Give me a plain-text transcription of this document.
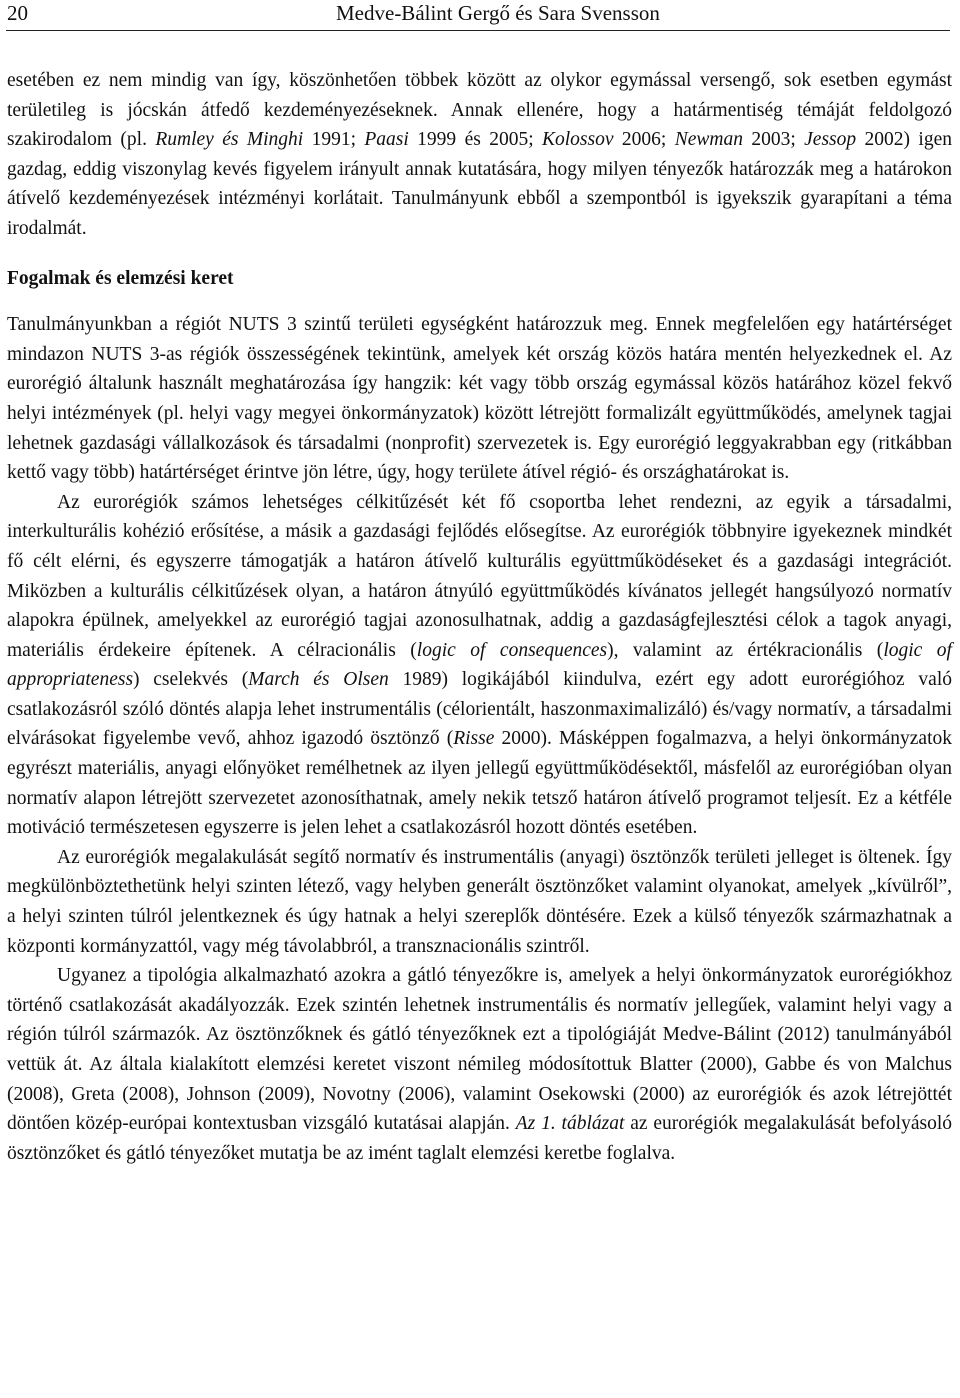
20	Medve-Bálint Gergő és Sara Svensson

esetében ez nem mindig van így, köszönhetően többek között az olykor egymással versengő, sok esetben egymást területileg is jócskán átfedő kezdeményezéseknek. Annak ellenére, hogy a határmentiség témáját feldolgozó szakirodalom (pl. Rumley és Minghi 1991; Paasi 1999 és 2005; Kolossov 2006; Newman 2003; Jessop 2002) igen gazdag, eddig viszonylag kevés figyelem irányult annak kutatására, hogy milyen tényezők határozzák meg a határokon átívelő kezdeményezések intézményi korlátait. Tanulmányunk ebből a szempontból is igyekszik gyarapítani a téma irodalmát.

Fogalmak és elemzési keret

Tanulmányunkban a régiót NUTS 3 szintű területi egységként határozzuk meg. Ennek megfelelően egy határtérséget mindazon NUTS 3-as régiók összességének tekintünk, amelyek két ország közös határa mentén helyezkednek el. Az eurorégió általunk használt meghatározása így hangzik: két vagy több ország egymással közös határához közel fekvő helyi intézmények (pl. helyi vagy megyei önkormányzatok) között létrejött formalizált együttműködés, amelynek tagjai lehetnek gazdasági vállalkozások és társadalmi (nonprofit) szervezetek is. Egy eurorégió leggyakrabban egy (ritkábban kettő vagy több) határtérséget érintve jön létre, úgy, hogy területe átível régió- és országhatárokat is.

Az eurorégiók számos lehetséges célkitűzését két fő csoportba lehet rendezni, az egyik a társadalmi, interkulturális kohézió erősítése, a másik a gazdasági fejlődés elősegítse. Az eurorégiók többnyire igyekeznek mindkét fő célt elérni, és egyszerre támogatják a határon átívelő kulturális együttműködéseket és a gazdasági integrációt. Miközben a kulturális célkitűzések olyan, a határon átnyúló együttműködés kívánatos jellegét hangsúlyozó normatív alapokra épülnek, amelyekkel az eurorégió tagjai azonosulhatnak, addig a gazdaságfejlesztési célok a tagok anyagi, materiális érdekeire építenek. A célracionális (logic of consequences), valamint az értékracionális (logic of appropriateness) cselekvés (March és Olsen 1989) logikájából kiindulva, ezért egy adott eurorégióhoz való csatlakozásról szóló döntés alapja lehet instrumentális (célorientált, haszonmaximalizáló) és/vagy normatív, a társadalmi elvárásokat figyelembe vevő, ahhoz igazodó ösztönző (Risse 2000). Másképpen fogalmazva, a helyi önkormányzatok egyrészt materiális, anyagi előnyöket remélhetnek az ilyen jellegű együttműködésektől, másfelől az eurorégióban olyan normatív alapon létrejött szervezetet azonosíthatnak, amely nekik tetsző határon átívelő programot teljesít. Ez a kétféle motiváció természetesen egyszerre is jelen lehet a csatlakozásról hozott döntés esetében.

Az eurorégiók megalakulását segítő normatív és instrumentális (anyagi) ösztönzők területi jelleget is öltenek. Így megkülönböztethetünk helyi szinten létező, vagy helyben generált ösztönzőket valamint olyanokat, amelyek „kívülről”, a helyi szinten túlról jelentkeznek és úgy hatnak a helyi szereplők döntésére. Ezek a külső tényezők származhatnak a központi kormányzattól, vagy még távolabbról, a transznacionális szintről.

Ugyanez a tipológia alkalmazható azokra a gátló tényezőkre is, amelyek a helyi önkormányzatok eurorégiókhoz történő csatlakozását akadályozzák. Ezek szintén lehetnek instrumentális és normatív jellegűek, valamint helyi vagy a régión túlról származók. Az ösztönzőknek és gátló tényezőknek ezt a tipológiáját Medve-Bálint (2012) tanulmányából vettük át. Az általa kialakított elemzési keretet viszont némileg módosítottuk Blatter (2000), Gabbe és von Malchus (2008), Greta (2008), Johnson (2009), Novotny (2006), valamint Osekowski (2000) az eurorégiók és azok létrejöttét döntően közép-európai kontextusban vizsgáló kutatásai alapján. Az 1. táblázat az eurorégiók megalakulását befolyásoló ösztönzőket és gátló tényezőket mutatja be az imént taglalt elemzési keretbe foglalva.
